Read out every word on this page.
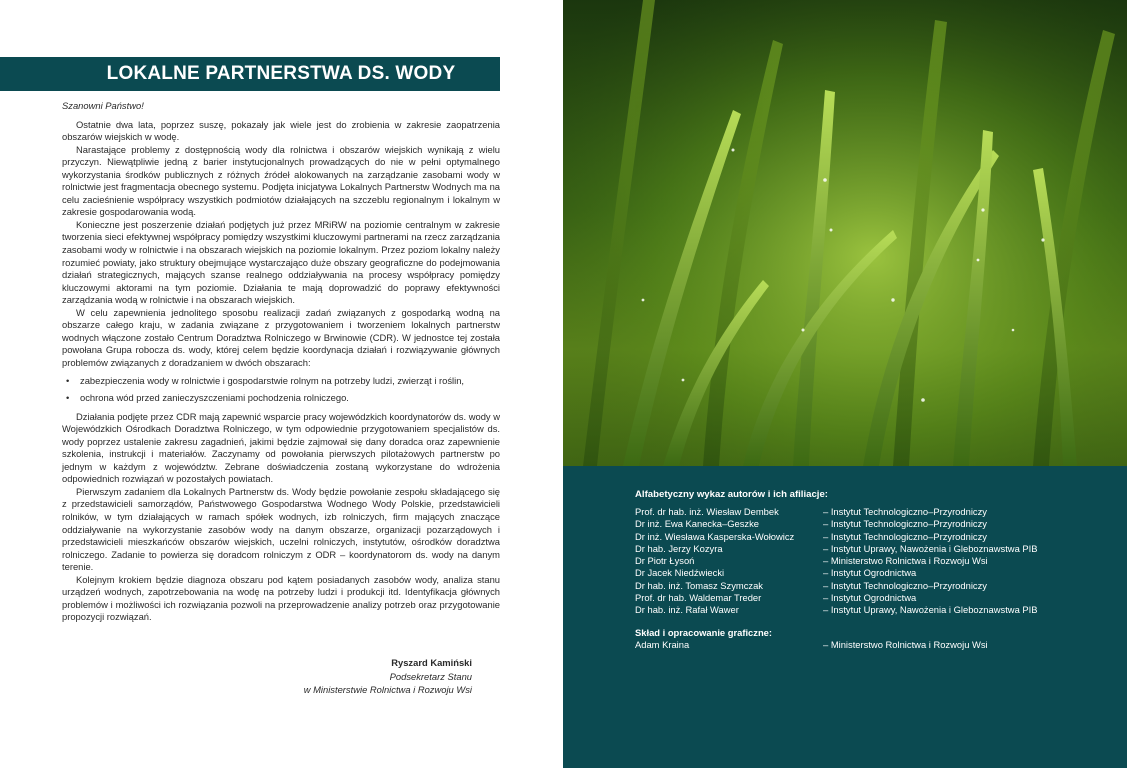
LOKALNE PARTNERSTWA DS. WODY

Szanowni Państwo!

Ostatnie dwa lata, poprzez suszę, pokazały jak wiele jest do zrobienia w zakresie zaopatrzenia obszarów wiejskich w wodę.

Narastające problemy z dostępnością wody dla rolnictwa i obszarów wiejskich wynikają z wielu przyczyn. Niewątpliwie jedną z barier instytucjonalnych prowadzących do nie w pełni optymalnego wykorzystania środków publicznych z różnych źródeł alokowanych na zarządzanie zasobami wody w rolnictwie jest fragmentacja obecnego systemu. Podjęta inicjatywa Lokalnych Partnerstw Wodnych ma na celu zacieśnienie współpracy wszystkich podmiotów działających na szczeblu regionalnym i lokalnym w zakresie gospodarowania wodą.

Konieczne jest poszerzenie działań podjętych już przez MRiRW na poziomie centralnym w zakresie tworzenia sieci efektywnej współpracy pomiędzy wszystkimi kluczowymi partnerami na rzecz zarządzania zasobami wody w rolnictwie i na obszarach wiejskich na poziomie lokalnym. Przez poziom lokalny należy rozumieć powiaty, jako struktury obejmujące wystarczająco duże obszary geograficzne do podejmowania działań strategicznych, mających szanse realnego oddziaływania na procesy współpracy pomiędzy kluczowymi aktorami na tym poziomie. Działania te mają doprowadzić do poprawy efektywności zarządzania wodą w rolnictwie i na obszarach wiejskich.

W celu zapewnienia jednolitego sposobu realizacji zadań związanych z gospodarką wodną na obszarze całego kraju, w zadania związane z przygotowaniem i tworzeniem lokalnych partnerstw wodnych włączone zostało Centrum Doradztwa Rolniczego w Brwinowie (CDR). W jednostce tej została powołana Grupa robocza ds. wody, której celem będzie koordynacja działań i rozwiązywanie głównych problemów związanych z doradzaniem w dwóch obszarach:

• zabezpieczenia wody w rolnictwie i gospodarstwie rolnym na potrzeby ludzi, zwierząt i roślin,
• ochrona wód przed zanieczyszczeniami pochodzenia rolniczego.

Działania podjęte przez CDR mają zapewnić wsparcie pracy wojewódzkich koordynatorów ds. wody w Wojewódzkich Ośrodkach Doradztwa Rolniczego, w tym odpowiednie przygotowaniem specjalistów ds. wody poprzez ustalenie zakresu zagadnień, jakimi będzie zajmował się dany doradca oraz zapewnienie szkolenia, instrukcji i materiałów. Zaczynamy od powołania pierwszych pilotażowych partnerstw po jednym w każdym z województw. Zebrane doświadczenia zostaną wykorzystane do wdrożenia odpowiednich rozwiązań w pozostałych powiatach.

Pierwszym zadaniem dla Lokalnych Partnerstw ds. Wody będzie powołanie zespołu składającego się z przedstawicieli samorządów, Państwowego Gospodarstwa Wodnego Wody Polskie, przedstawicieli rolników, w tym działających w ramach spółek wodnych, izb rolniczych, firm mających znaczące oddziaływanie na wykorzystanie zasobów wody na danym obszarze, organizacji pozarządowych i przedstawicieli mieszkańców obszarów wiejskich, uczelni rolniczych, instytutów, ośrodków doradztwa rolniczego. Zadanie to powierza się doradcom rolniczym z ODR – koordynatorom ds. wody na danym terenie.

Kolejnym krokiem będzie diagnoza obszaru pod kątem posiadanych zasobów wody, analiza stanu urządzeń wodnych, zapotrzebowania na wodę na potrzeby ludzi i produkcji itd. Identyfikacja głównych problemów i możliwości ich rozwiązania pozwoli na przeprowadzenie analizy potrzeb oraz przygotowanie propozycji rozwiązań.

Ryszard Kamiński
Podsekretarz Stanu
w Ministerstwie Rolnictwa i Rozwoju Wsi
Alfabetyczny wykaz autorów i ich afiliacje:
Prof. dr hab. inż. Wiesław Dembek	– Instytut Technologiczno–Przyrodniczy
Dr inż. Ewa Kanecka–Geszke	– Instytut Technologiczno–Przyrodniczy
Dr inż. Wiesława Kasperska-Wołowicz	– Instytut Technologiczno–Przyrodniczy
Dr hab. Jerzy Kozyra	– Instytut Uprawy, Nawożenia i Gleboznawstwa PIB
Dr Piotr Łysoń	– Ministerstwo Rolnictwa i Rozwoju Wsi
Dr Jacek Niedźwiecki	– Instytut Ogrodnictwa
Dr hab. inż. Tomasz Szymczak	– Instytut Technologiczno–Przyrodniczy
Prof. dr hab. Waldemar Treder	– Instytut Ogrodnictwa
Dr hab. inż. Rafał Wawer	– Instytut Uprawy, Nawożenia i Gleboznawstwa PIB
Skład i opracowanie graficzne:
Adam Kraina	– Ministerstwo Rolnictwa i Rozwoju Wsi
